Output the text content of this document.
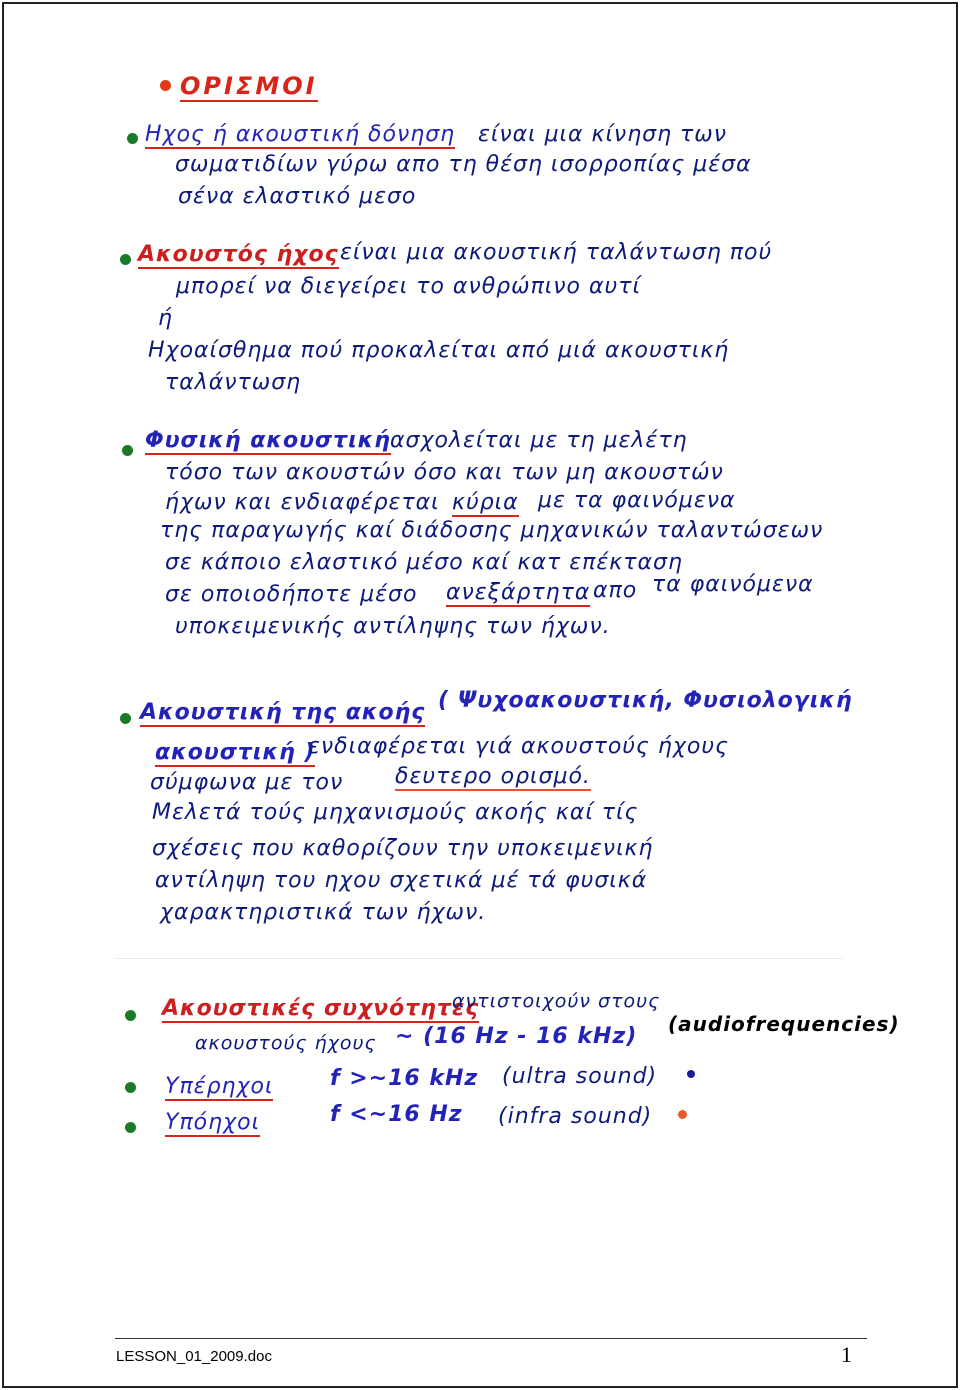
ΟΡΙΣΜΟΙ
Ηχος ή ακουστική δόνηση είναι μια κίνηση των
σωματιδίων γύρω απο τη θέση ισορροπίας μέσα
σένα ελαστικό μεσο
Ακουστός ήχος είναι μια ακουστική ταλάντωση πού
μπορεί να διεγείρει το ανθρώπινο αυτί
ή
Ηχοαίσθημα πού προκαλείται από μιά ακουστική
ταλάντωση
Φυσική ακουστική ασχολείται με τη μελέτη
τόσο των ακουστών όσο και των μη ακουστών
ήχων και ενδιαφέρεται κύρια με τα φαινόμενα
της παραγωγής καί διάδοσης μηχανικών ταλαντώσεων
σε κάποιο ελαστικό μέσο καί κατ επέκταση
σε οποιοδήποτε μέσο ανεξάρτητα απο τα φαινόμενα
υποκειμενικής αντίληψης των ήχων.
Ακουστική της ακοής ( Ψυχοακουστική, Φυσιολογική
ακουστική )
ενδιαφέρεται γιά ακουστούς ήχους
σύμφωνα με τον δευτερο ορισμό.
Μελετά τούς μηχανισμούς ακοής καί τίς
σχέσεις που καθορίζουν την υποκειμενική
αντίληψη του ηχου σχετικά μέ τά φυσικά
χαρακτηριστικά των ήχων.
Ακουστικές συχνότητες
αντιστοιχούν στους
ακουστούς ήχους ~ (16 Hz - 16 kHz) (audiofrequencies)
Υπέρηχοι	f >~16 kHz (ultra sound)
Υπόηχοι	f <~16 Hz (infra sound)
LESSON_01_2009.doc	1
